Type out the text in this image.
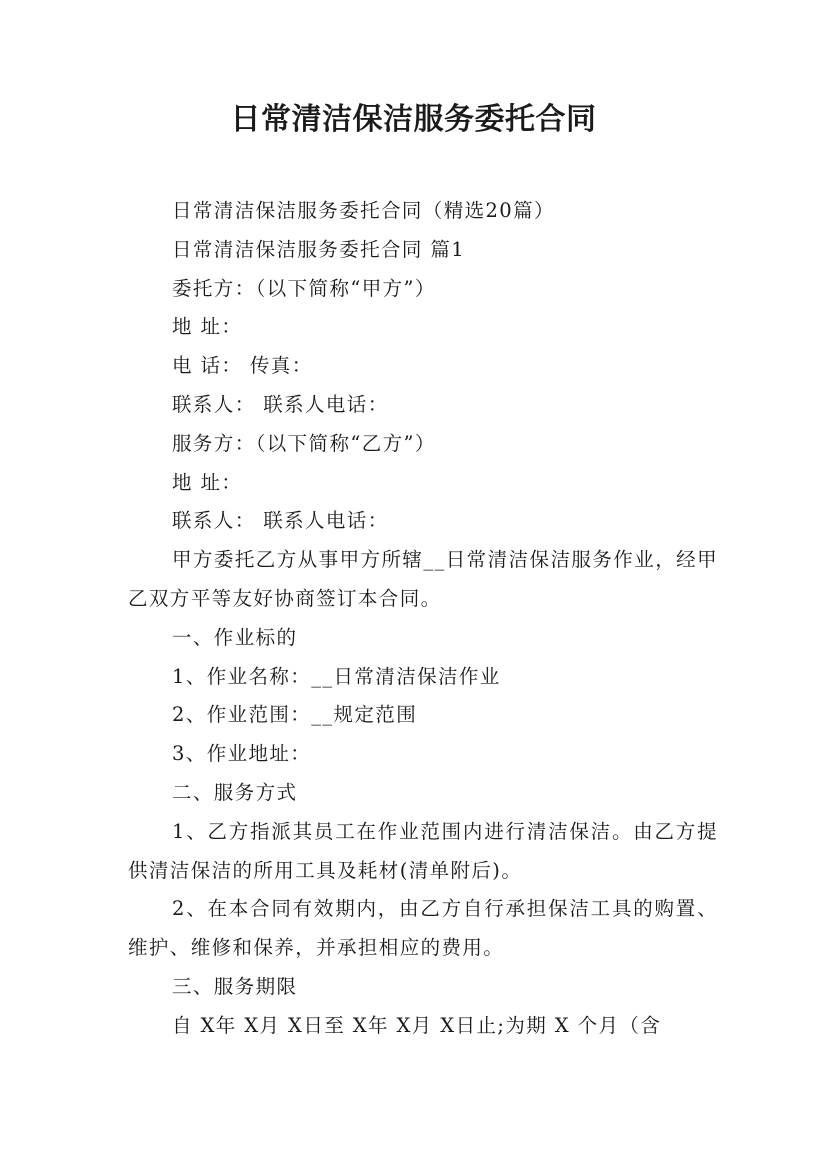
日常清洁保洁服务委托合同
日常清洁保洁服务委托合同（精选20篇）
日常清洁保洁服务委托合同 篇1
委托方：（以下简称“甲方”）
地 址：
电 话： 传真：
联系人： 联系人电话：
服务方：（以下简称“乙方”）
地 址：
联系人： 联系人电话：
甲方委托乙方从事甲方所辖__日常清洁保洁服务作业，经甲乙双方平等友好协商签订本合同。
一、作业标的
1、作业名称：__日常清洁保洁作业
2、作业范围：__规定范围
3、作业地址：
二、服务方式
1、乙方指派其员工在作业范围内进行清洁保洁。由乙方提供清洁保洁的所用工具及耗材(清单附后)。
2、在本合同有效期内，由乙方自行承担保洁工具的购置、维护、维修和保养，并承担相应的费用。
三、服务期限
自 X年 X月 X日至 X年 X月 X日止;为期 X 个月（含
